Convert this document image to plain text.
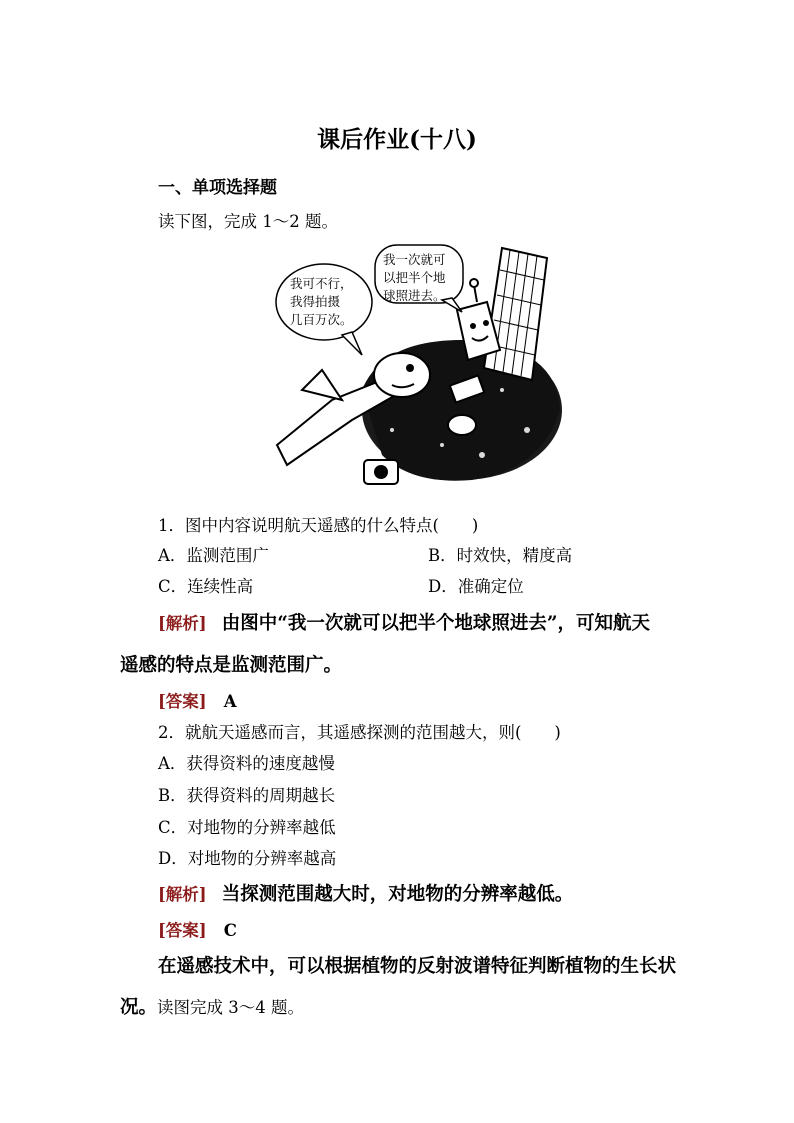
课后作业(十八)
一、单项选择题
读下图，完成 1～2 题。
我可不行，
我得拍摄
几百万次。
我一次就可
以把半个地
球照进去。
1．图中内容说明航天遥感的什么特点(　　)
A．监测范围广	B．时效快，精度高
C．连续性高	D．准确定位
[解析] 由图中“我一次就可以把半个地球照进去”，可知航天
遥感的特点是监测范围广。
[答案] A
2．就航天遥感而言，其遥感探测的范围越大，则(　　)
A．获得资料的速度越慢
B．获得资料的周期越长
C．对地物的分辨率越低
D．对地物的分辨率越高
[解析] 当探测范围越大时，对地物的分辨率越低。
[答案] C
在遥感技术中，可以根据植物的反射波谱特征判断植物的生长状
况。读图完成 3～4 题。
